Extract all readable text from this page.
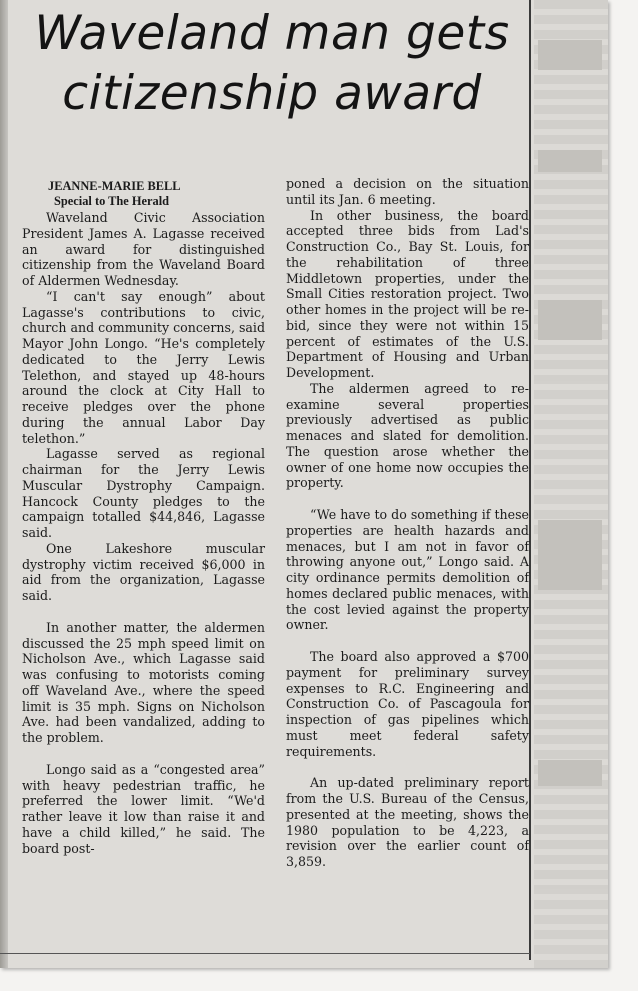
Waveland man gets citizenship award
JEANNE-MARIE BELL
Special to The Herald

Waveland Civic Association President James A. Lagasse received an award for distinguished citizenship from the Waveland Board of Aldermen Wednesday.

“I can't say enough” about Lagasse's contributions to civic, church and community concerns, said Mayor John Longo. “He's completely dedicated to the Jerry Lewis Telethon, and stayed up 48-hours around the clock at City Hall to receive pledges over the phone during the annual Labor Day telethon.”

Lagasse served as regional chairman for the Jerry Lewis Muscular Dystrophy Campaign. Hancock County pledges to the campaign totalled $44,846, Lagasse said.

One Lakeshore muscular dystrophy victim received $6,000 in aid from the organization, Lagasse said.

In another matter, the aldermen discussed the 25 mph speed limit on Nicholson Ave., which Lagasse said was confusing to motorists coming off Waveland Ave., where the speed limit is 35 mph. Signs on Nicholson Ave. had been vandalized, adding to the problem.

Longo said as a “congested area” with heavy pedestrian traffic, he preferred the lower limit. “We'd rather leave it low than raise it and have a child killed,” he said. The board post-

poned a decision on the situation until its Jan. 6 meeting.

In other business, the board accepted three bids from Lad's Construction Co., Bay St. Louis, for the rehabilitation of three Middletown properties, under the Small Cities restoration project. Two other homes in the project will be re-bid, since they were not within 15 percent of estimates of the U.S. Department of Housing and Urban Development.

The aldermen agreed to re-examine several properties previously advertised as public menaces and slated for demolition. The question arose whether the owner of one home now occupies the property.

“We have to do something if these properties are health hazards and menaces, but I am not in favor of throwing anyone out,” Longo said. A city ordinance permits demolition of homes declared public menaces, with the cost levied against the property owner.

The board also approved a $700 payment for preliminary survey expenses to R.C. Engineering and Construction Co. of Pascagoula for inspection of gas pipelines which must meet federal safety requirements.

An up-dated preliminary report from the U.S. Bureau of the Census, presented at the meeting, shows the 1980 population to be 4,223, a revision over the earlier count of 3,859.
